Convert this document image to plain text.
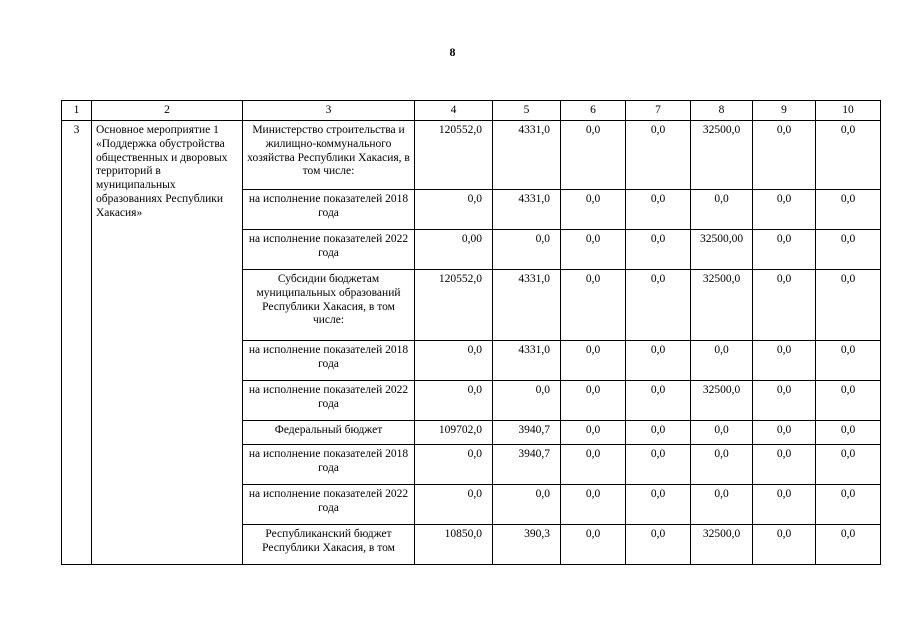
8
1	2	3	4	5	6	7	8	9	10
3	Основное мероприятие 1 «Поддержка обустройства общественных и дворовых территорий в муниципальных образованиях Республики Хакасия»	Министерство строительства и жилищно-коммунального хозяйства Республики Хакасия, в том числе:	120552,0	4331,0	0,0	0,0	32500,0	0,0	0,0
		на исполнение показателей 2018 года	0,0	4331,0	0,0	0,0	0,0	0,0	0,0
		на исполнение показателей 2022 года	0,00	0,0	0,0	0,0	32500,00	0,0	0,0
		Субсидии бюджетам муниципальных образований Республики Хакасия, в том числе:	120552,0	4331,0	0,0	0,0	32500,0	0,0	0,0
		на исполнение показателей 2018 года	0,0	4331,0	0,0	0,0	0,0	0,0	0,0
		на исполнение показателей 2022 года	0,0	0,0	0,0	0,0	32500,0	0,0	0,0
		Федеральный бюджет	109702,0	3940,7	0,0	0,0	0,0	0,0	0,0
		на исполнение показателей 2018 года	0,0	3940,7	0,0	0,0	0,0	0,0	0,0
		на исполнение показателей 2022 года	0,0	0,0	0,0	0,0	0,0	0,0	0,0
		Республиканский бюджет Республики Хакасия, в том	10850,0	390,3	0,0	0,0	32500,0	0,0	0,0
